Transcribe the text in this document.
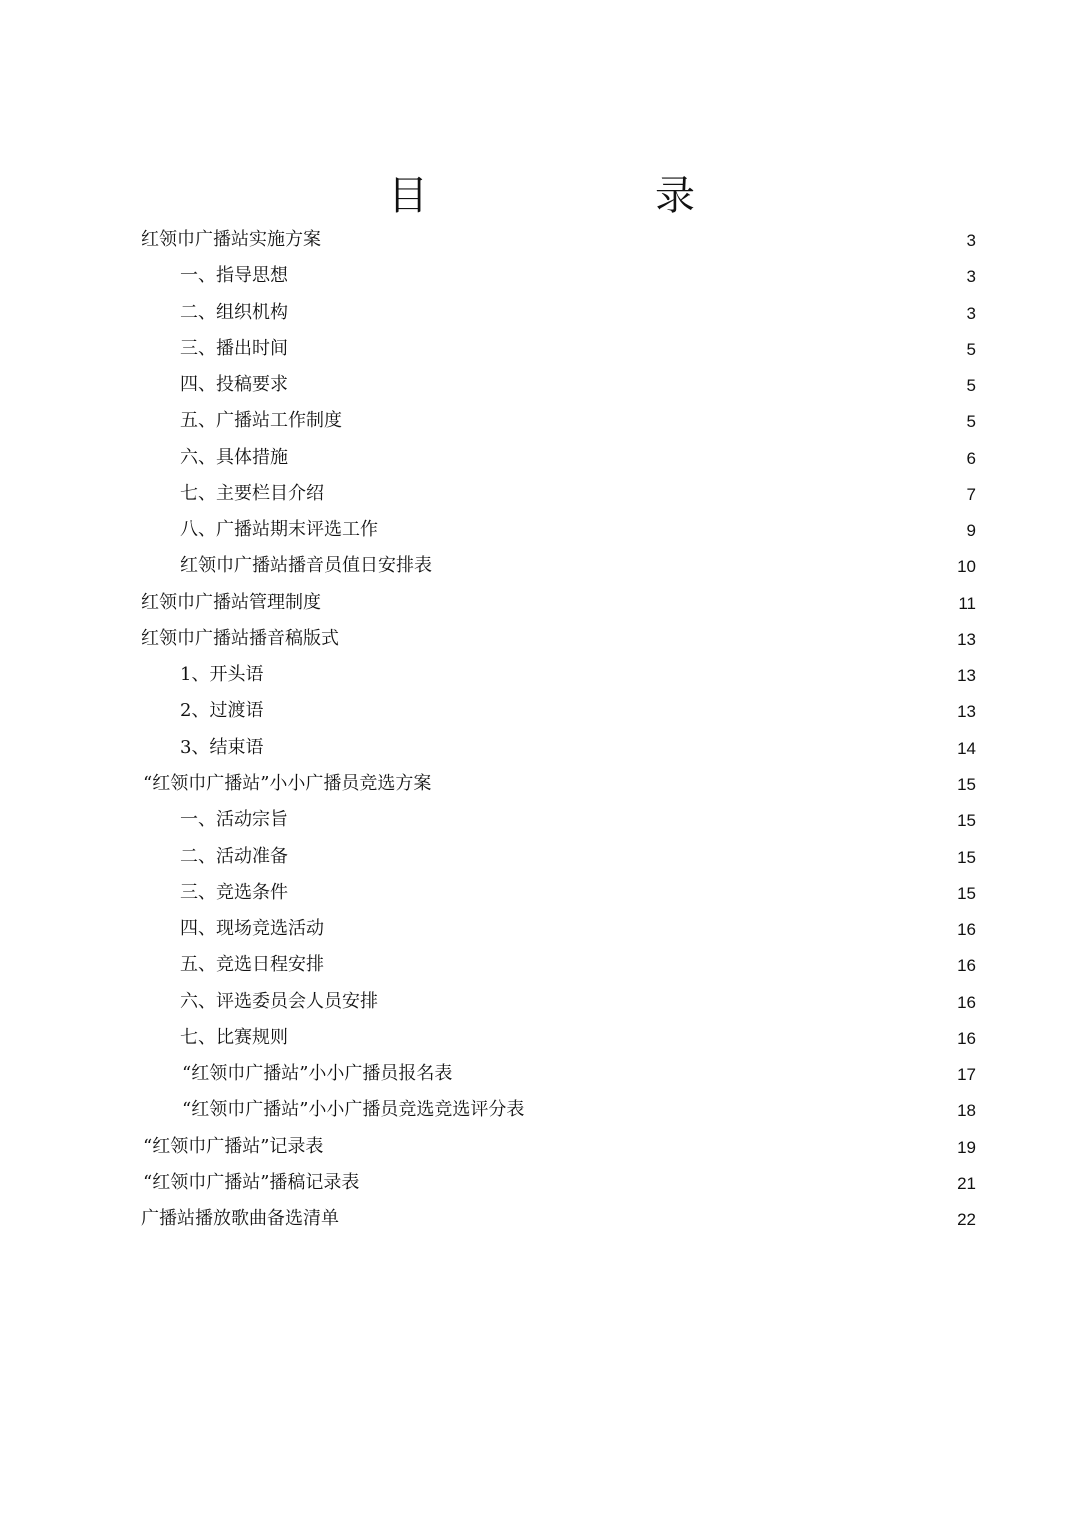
目	录
红领巾广播站实施方案	3
一、指导思想	3
二、组织机构	3
三、播出时间	5
四、投稿要求	5
五、广播站工作制度	5
六、具体措施	6
七、主要栏目介绍	7
八、广播站期末评选工作	9
红领巾广播站播音员值日安排表	10
红领巾广播站管理制度	11
红领巾广播站播音稿版式	13
1、开头语	13
2、过渡语	13
3、结束语	14
“红领巾广播站”小小广播员竞选方案	15
一、活动宗旨	15
二、活动准备	15
三、竞选条件	15
四、现场竞选活动	16
五、竞选日程安排	16
六、评选委员会人员安排	16
七、比赛规则	16
“红领巾广播站”小小广播员报名表	17
“红领巾广播站”小小广播员竞选竞选评分表	18
“红领巾广播站”记录表	19
“红领巾广播站”播稿记录表	21
广播站播放歌曲备选清单	22
